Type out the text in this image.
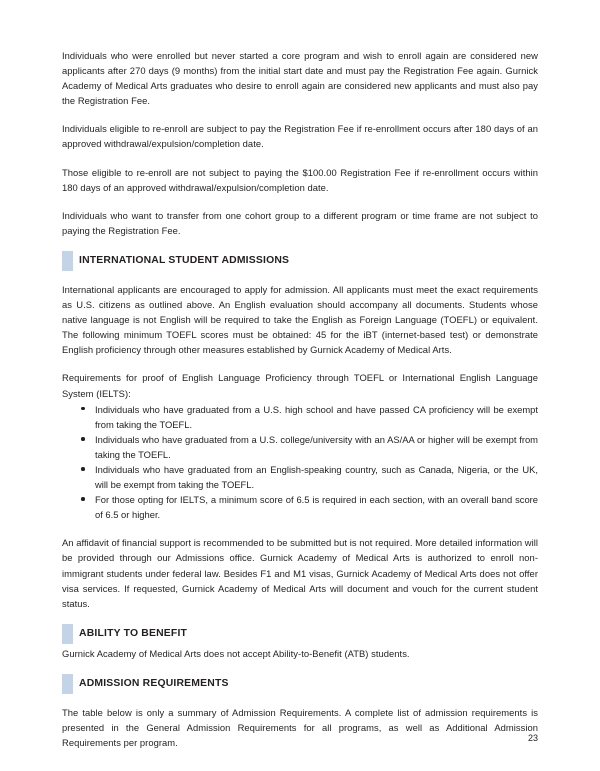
Individuals who were enrolled but never started a core program and wish to enroll again are considered new applicants after 270 days (9 months) from the initial start date and must pay the Registration Fee again. Gurnick Academy of Medical Arts graduates who desire to enroll again are considered new applicants and must also pay the Registration Fee.

Individuals eligible to re-enroll are subject to pay the Registration Fee if re-enrollment occurs after 180 days of an approved withdrawal/expulsion/completion date.

Those eligible to re-enroll are not subject to paying the $100.00 Registration Fee if re-enrollment occurs within 180 days of an approved withdrawal/expulsion/completion date.

Individuals who want to transfer from one cohort group to a different program or time frame are not subject to paying the Registration Fee.

INTERNATIONAL STUDENT ADMISSIONS

International applicants are encouraged to apply for admission. All applicants must meet the exact requirements as U.S. citizens as outlined above. An English evaluation should accompany all documents. Students whose native language is not English will be required to take the English as Foreign Language (TOEFL) or equivalent. The following minimum TOEFL scores must be obtained: 45 for the iBT (internet-based test) or demonstrate English proficiency through other measures established by Gurnick Academy of Medical Arts.

Requirements for proof of English Language Proficiency through TOEFL or International English Language System (IELTS):

Individuals who have graduated from a U.S. high school and have passed CA proficiency will be exempt from taking the TOEFL.
Individuals who have graduated from a U.S. college/university with an AS/AA or higher will be exempt from taking the TOEFL.
Individuals who have graduated from an English-speaking country, such as Canada, Nigeria, or the UK, will be exempt from taking the TOEFL.
For those opting for IELTS, a minimum score of 6.5 is required in each section, with an overall band score of 6.5 or higher.

An affidavit of financial support is recommended to be submitted but is not required. More detailed information will be provided through our Admissions office. Gurnick Academy of Medical Arts is authorized to enroll non-immigrant students under federal law. Besides F1 and M1 visas, Gurnick Academy of Medical Arts does not offer visa services. If requested, Gurnick Academy of Medical Arts will document and vouch for the current student status.

ABILITY TO BENEFIT

Gurnick Academy of Medical Arts does not accept Ability-to-Benefit (ATB) students.

ADMISSION REQUIREMENTS

The table below is only a summary of Admission Requirements. A complete list of admission requirements is presented in the General Admission Requirements for all programs, as well as Additional Admission Requirements per program.	23
